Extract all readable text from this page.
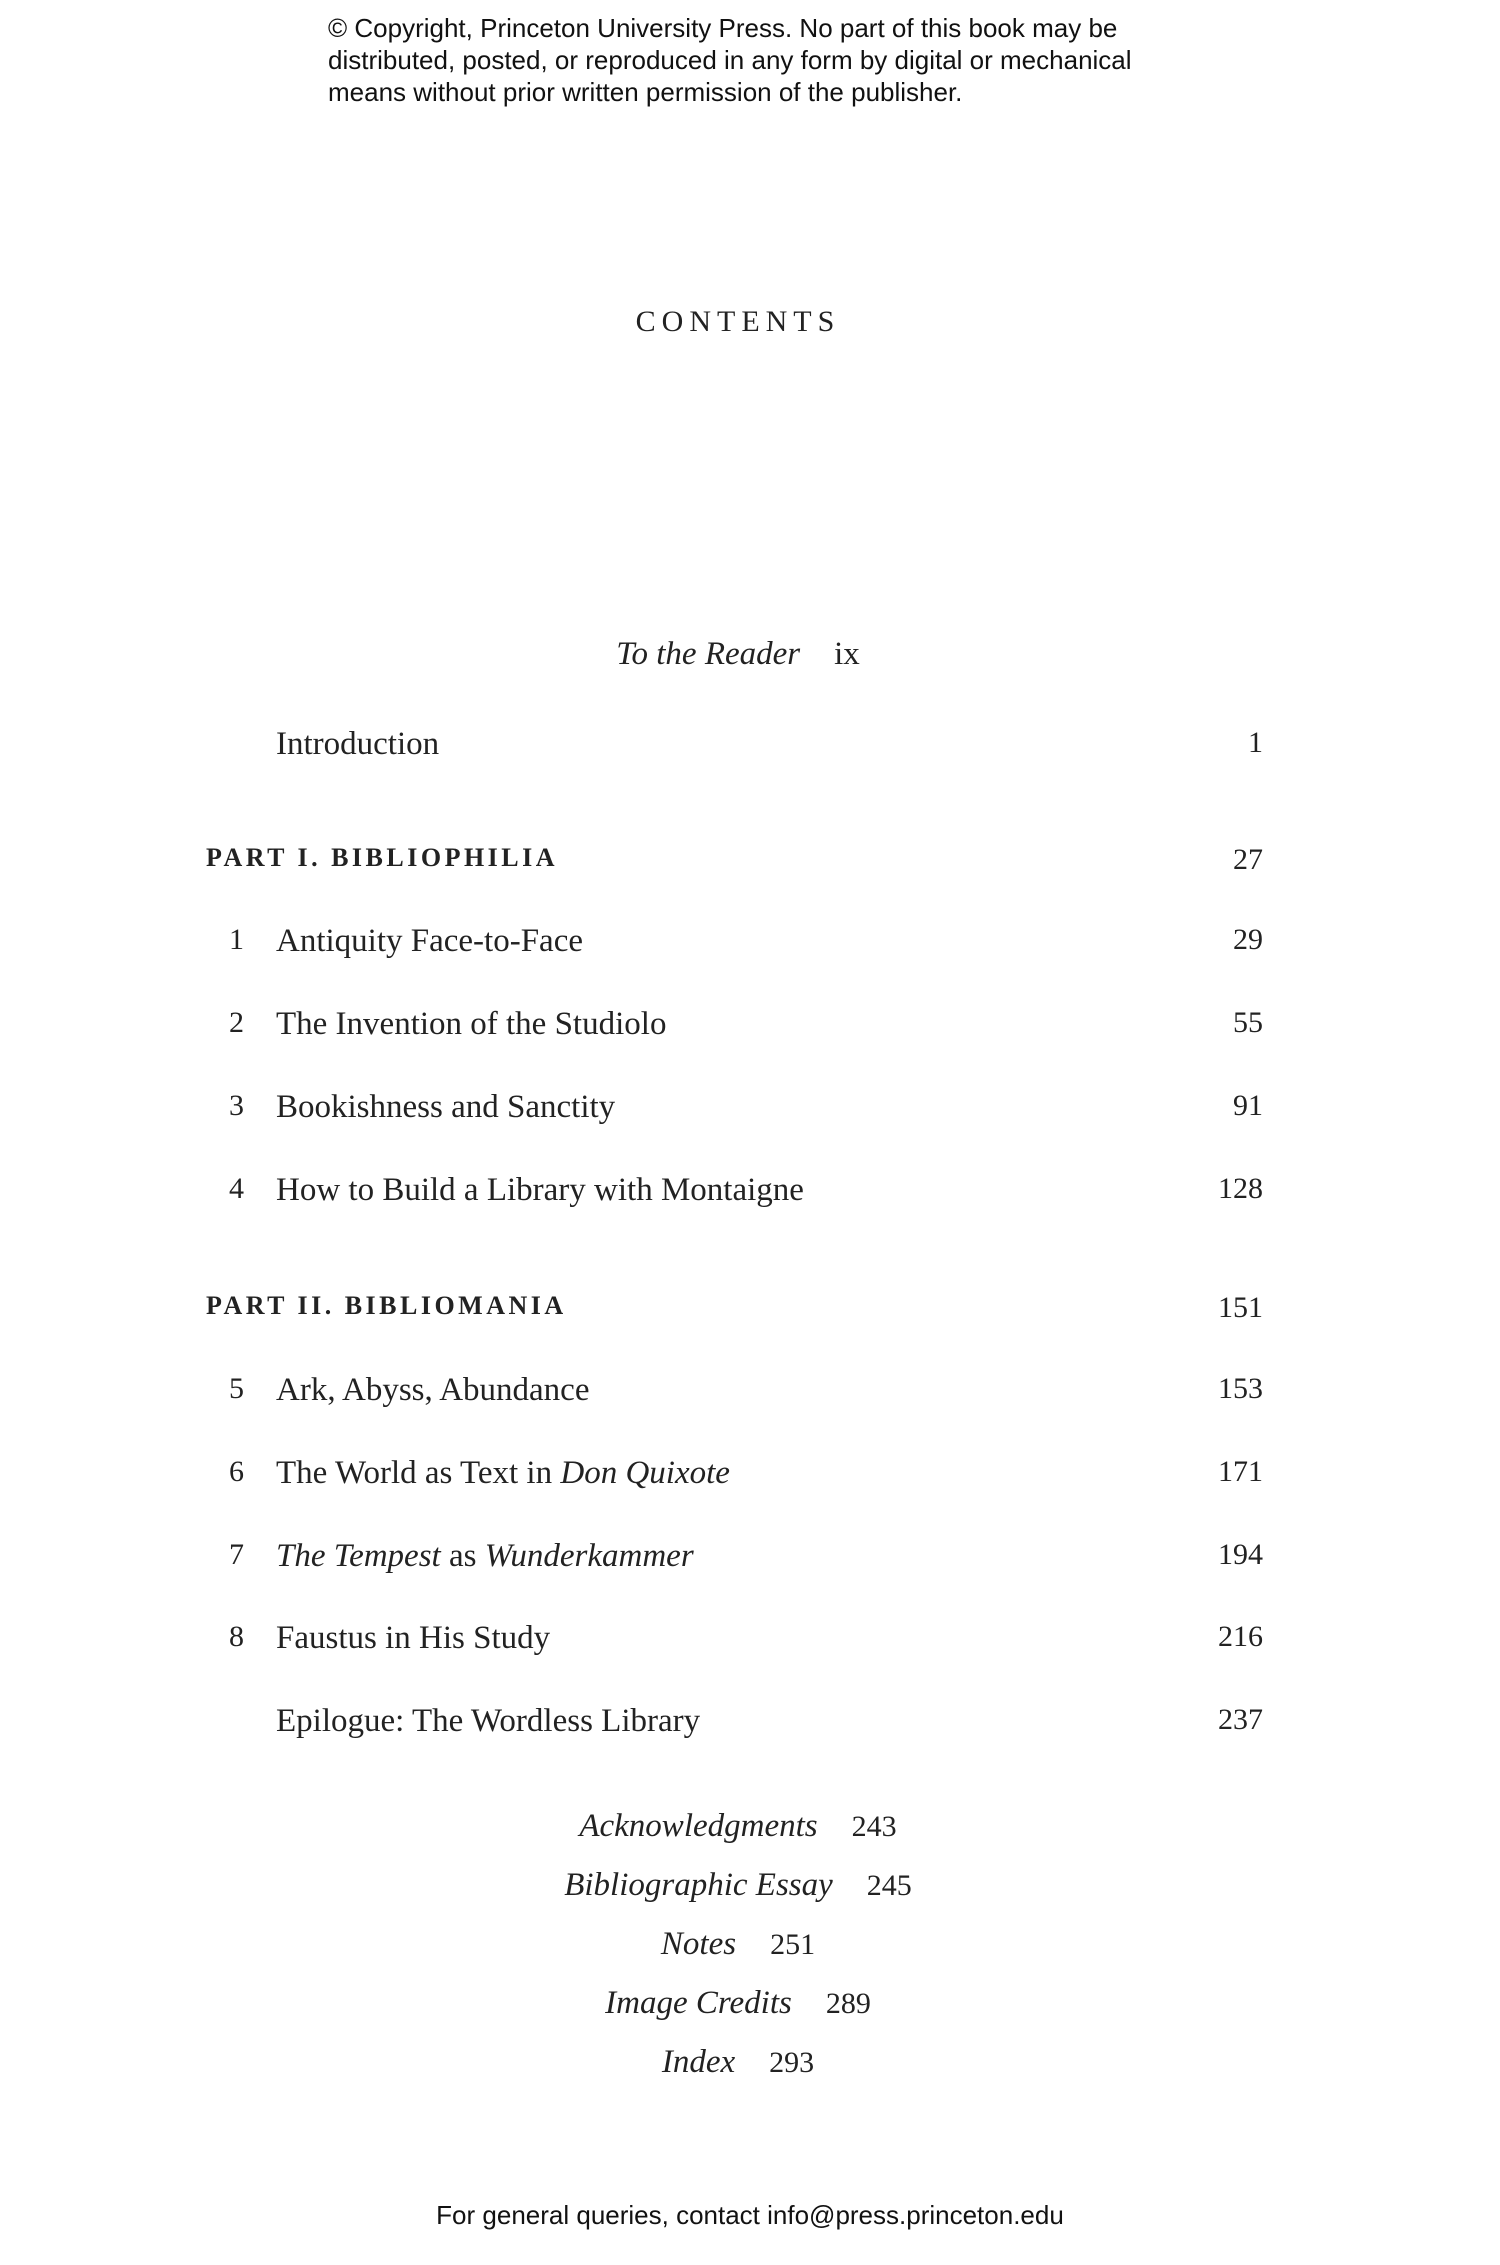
© Copyright, Princeton University Press. No part of this book may be
distributed, posted, or reproduced in any form by digital or mechanical
means without prior written permission of the publisher.
CONTENTS
To the Reader ix
Introduction	1
PART I. BIBLIOPHILIA	27
1 Antiquity Face-to-Face	29
2 The Invention of the Studiolo	55
3 Bookishness and Sanctity	91
4 How to Build a Library with Montaigne	128
PART II. BIBLIOMANIA	151
5 Ark, Abyss, Abundance	153
6 The World as Text in Don Quixote	171
7 The Tempest as Wunderkammer	194
8 Faustus in His Study	216
Epilogue: The Wordless Library	237
Acknowledgments 243
Bibliographic Essay 245
Notes 251
Image Credits 289
Index 293
For general queries, contact info@press.princeton.edu
